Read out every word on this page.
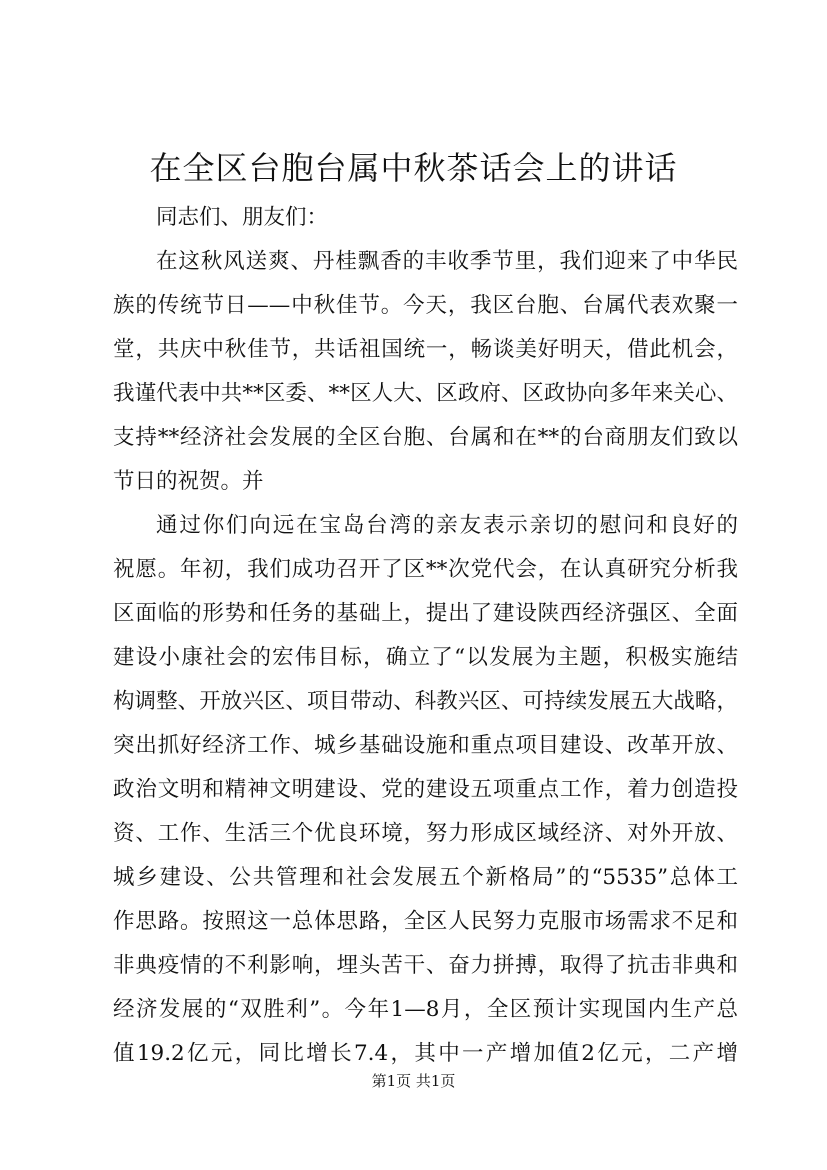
在全区台胞台属中秋茶话会上的讲话
同志们、朋友们：
在这秋风送爽、丹桂飘香的丰收季节里，我们迎来了中华民
族的传统节日——中秋佳节。今天，我区台胞、台属代表欢聚一
堂，共庆中秋佳节，共话祖国统一，畅谈美好明天，借此机会，
我谨代表中共**区委、**区人大、区政府、区政协向多年来关心、
支持**经济社会发展的全区台胞、台属和在**的台商朋友们致以
节日的祝贺。并
通过你们向远在宝岛台湾的亲友表示亲切的慰问和良好的
祝愿。年初，我们成功召开了区**次党代会，在认真研究分析我
区面临的形势和任务的基础上，提出了建设陕西经济强区、全面
建设小康社会的宏伟目标，确立了“以发展为主题，积极实施结
构调整、开放兴区、项目带动、科教兴区、可持续发展五大战略，
突出抓好经济工作、城乡基础设施和重点项目建设、改革开放、
政治文明和精神文明建设、党的建设五项重点工作，着力创造投
资、工作、生活三个优良环境，努力形成区域经济、对外开放、
城乡建设、公共管理和社会发展五个新格局”的“5535”总体工
作思路。按照这一总体思路，全区人民努力克服市场需求不足和
非典疫情的不利影响，埋头苦干、奋力拼搏，取得了抗击非典和
经济发展的“双胜利”。今年1—8月，全区预计实现国内生产总
值19.2亿元，同比增长7.4，其中一产增加值2亿元，二产增
第1页 共1页
